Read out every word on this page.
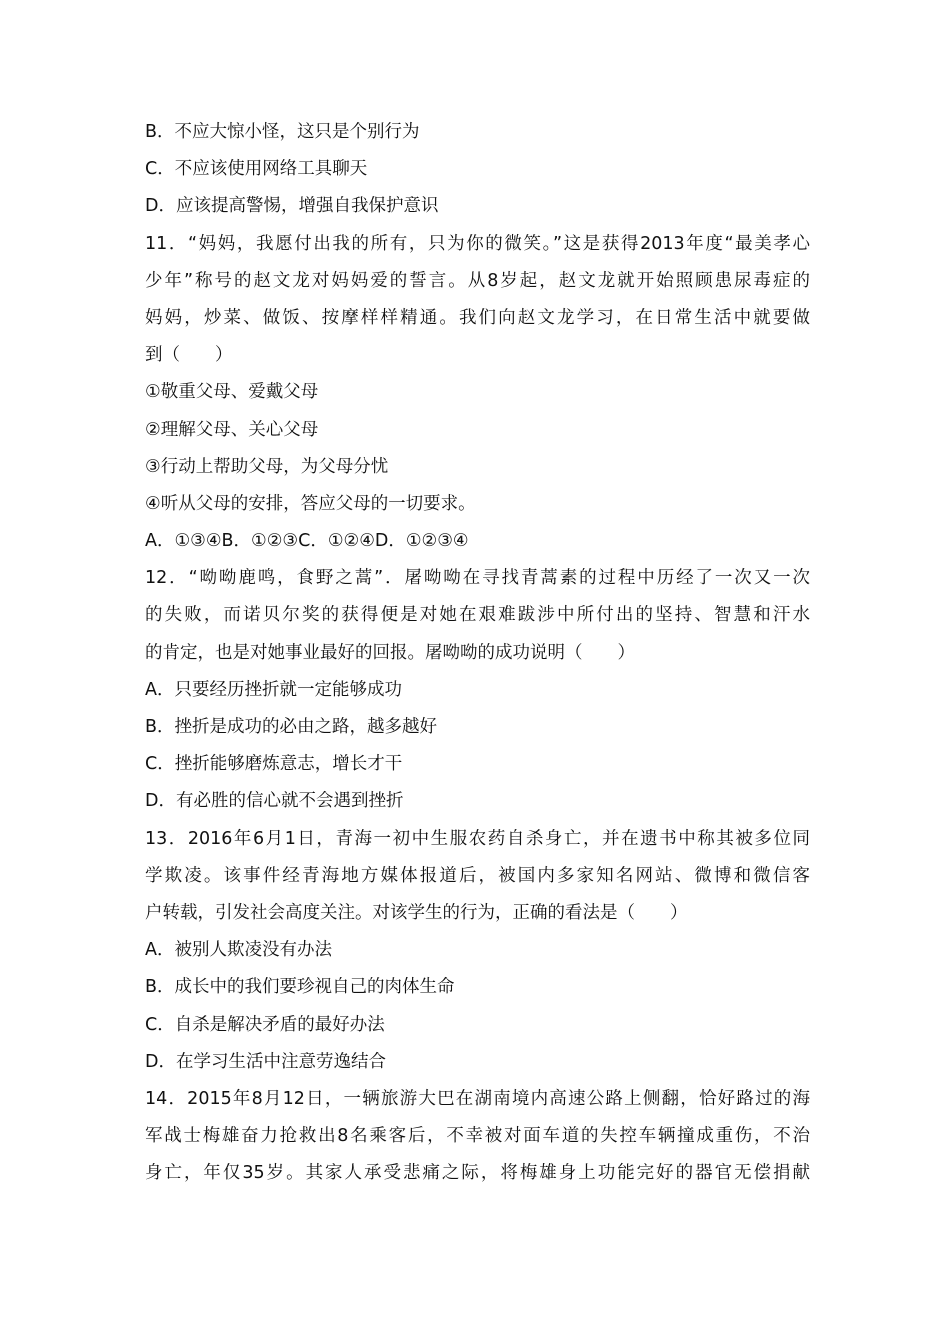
B．不应大惊小怪，这只是个别行为
C．不应该使用网络工具聊天
D．应该提高警惕，增强自我保护意识
11．“妈妈，我愿付出我的所有，只为你的微笑。”这是获得2013年度“最美孝心
少年”称号的赵文龙对妈妈爱的誓言。从8岁起，赵文龙就开始照顾患尿毒症的
妈妈，炒菜、做饭、按摩样样精通。我们向赵文龙学习，在日常生活中就要做
到（　　）
①敬重父母、爱戴父母
②理解父母、关心父母
③行动上帮助父母，为父母分忧
④听从父母的安排，答应父母的一切要求。
A．①③④B．①②③C．①②④D．①②③④
12．“呦呦鹿鸣，食野之蒿”．屠呦呦在寻找青蒿素的过程中历经了一次又一次
的失败，而诺贝尔奖的获得便是对她在艰难跋涉中所付出的坚持、智慧和汗水
的肯定，也是对她事业最好的回报。屠呦呦的成功说明（　　）
A．只要经历挫折就一定能够成功
B．挫折是成功的必由之路，越多越好
C．挫折能够磨炼意志，增长才干
D．有必胜的信心就不会遇到挫折
13．2016年6月1日，青海一初中生服农药自杀身亡，并在遗书中称其被多位同
学欺凌。该事件经青海地方媒体报道后，被国内多家知名网站、微博和微信客
户转载，引发社会高度关注。对该学生的行为，正确的看法是（　　）
A．被别人欺凌没有办法
B．成长中的我们要珍视自己的肉体生命
C．自杀是解决矛盾的最好办法
D．在学习生活中注意劳逸结合
14．2015年8月12日，一辆旅游大巴在湖南境内高速公路上侧翻，恰好路过的海
军战士梅雄奋力抢救出8名乘客后，不幸被对面车道的失控车辆撞成重伤，不治
身亡，年仅35岁。其家人承受悲痛之际，将梅雄身上功能完好的器官无偿捐献
